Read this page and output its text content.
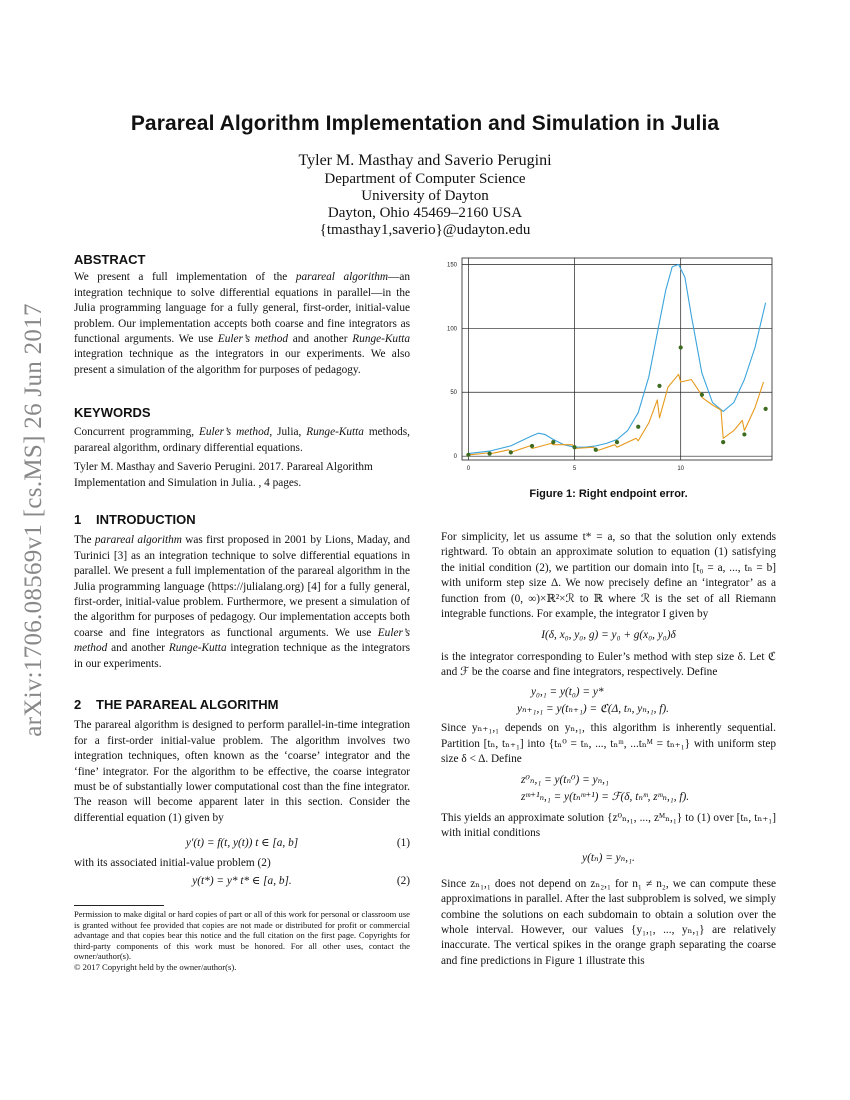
Parareal Algorithm Implementation and Simulation in Julia
Tyler M. Masthay and Saverio Perugini
Department of Computer Science
University of Dayton
Dayton, Ohio 45469–2160 USA
{tmasthay1,saverio}@udayton.edu
arXiv:1706.08569v1 [cs.MS] 26 Jun 2017
ABSTRACT

We present a full implementation of the parareal algorithm—an integration technique to solve differential equations in parallel—in the Julia programming language for a fully general, first-order, initial-value problem. Our implementation accepts both coarse and fine integrators as functional arguments. We use Euler’s method and another Runge-Kutta integration technique as the integrators in our experiments. We also present a simulation of the algorithm for purposes of pedagogy.

KEYWORDS

Concurrent programming, Euler’s method, Julia, Runge-Kutta methods, parareal algorithm, ordinary differential equations.

Tyler M. Masthay and Saverio Perugini. 2017. Parareal Algorithm Implementation and Simulation in Julia. , 4 pages.

1 INTRODUCTION

The parareal algorithm was first proposed in 2001 by Lions, Maday, and Turinici [3] as an integration technique to solve differential equations in parallel. We present a full implementation of the parareal algorithm in the Julia programming language (https://julialang.org) [4] for a fully general, first-order, initial-value problem. Furthermore, we present a simulation of the algorithm for purposes of pedagogy. Our implementation accepts both coarse and fine integrators as functional arguments. We use Euler’s method and another Runge-Kutta integration technique as the integrators in our experiments.

2 THE PARAREAL ALGORITHM

The parareal algorithm is designed to perform parallel-in-time integration for a first-order initial-value problem. The algorithm involves two integration techniques, often known as the ‘coarse’ integrator and the ‘fine’ integrator. For the algorithm to be effective, the coarse integrator must be of substantially lower computational cost than the fine integrator. The reason will become apparent later in this section. Consider the differential equation (1) given by

y′(t) = f(t, y(t)) t ∈ [a, b]	(1)

with its associated initial-value problem (2)

y(t*) = y* t* ∈ [a, b].	(2)

Permission to make digital or hard copies of part or all of this work for personal or classroom use is granted without fee provided that copies are not made or distributed for profit or commercial advantage and that copies bear this notice and the full citation on the first page. Copyrights for third-party components of this work must be honored. For all other uses, contact the owner/author(s).

© 2017 Copyright held by the owner/author(s).

0	5	10
0
50
100
150
Figure 1: Right endpoint error.

For simplicity, let us assume t* = a, so that the solution only extends rightward. To obtain an approximate solution to equation (1) satisfying the initial condition (2), we partition our domain into [t₀ = a, ..., tₙ = b] with uniform step size Δ. We now precisely define an ‘integrator’ as a function from (0, ∞)×ℝ²×ℛ to ℝ where ℛ is the set of all Riemann integrable functions. For example, the integrator I given by

I(δ, x₀, y₀, g) = y₀ + g(x₀, y₀)δ

is the integrator corresponding to Euler’s method with step size δ. Let ℭ and ℱ be the coarse and fine integrators, respectively. Define

y₀,₁ = y(t₀) = y*
yₙ₊₁,₁ = y(tₙ₊₁) = ℭ(Δ, tₙ, yₙ,₁, f).

Since yₙ₊₁,₁ depends on yₙ,₁, this algorithm is inherently sequential. Partition [tₙ, tₙ₊₁] into {tₙ⁰ = tₙ, ..., tₙᵐ, ...tₙᴹ = tₙ₊₁} with uniform step size δ < Δ. Define

z⁰ₙ,₁ = y(tₙ⁰) = yₙ,₁
zᵐ⁺¹ₙ,₁ = y(tₙᵐ⁺¹) = ℱ(δ, tₙᵐ, zᵐₙ,₁, f).

This yields an approximate solution {z⁰ₙ,₁, ..., zᴹₙ,₁} to (1) over [tₙ, tₙ₊₁] with initial conditions

y(tₙ) = yₙ,₁.

Since zₙ₁,₁ does not depend on zₙ₂,₁ for n₁ ≠ n₂, we can compute these approximations in parallel. After the last subproblem is solved, we simply combine the solutions on each subdomain to obtain a solution over the whole interval. However, our values {y₁,₁, ..., yₙ,₁} are relatively inaccurate. The vertical spikes in the orange graph separating the coarse and fine predictions in Figure 1 illustrate this
